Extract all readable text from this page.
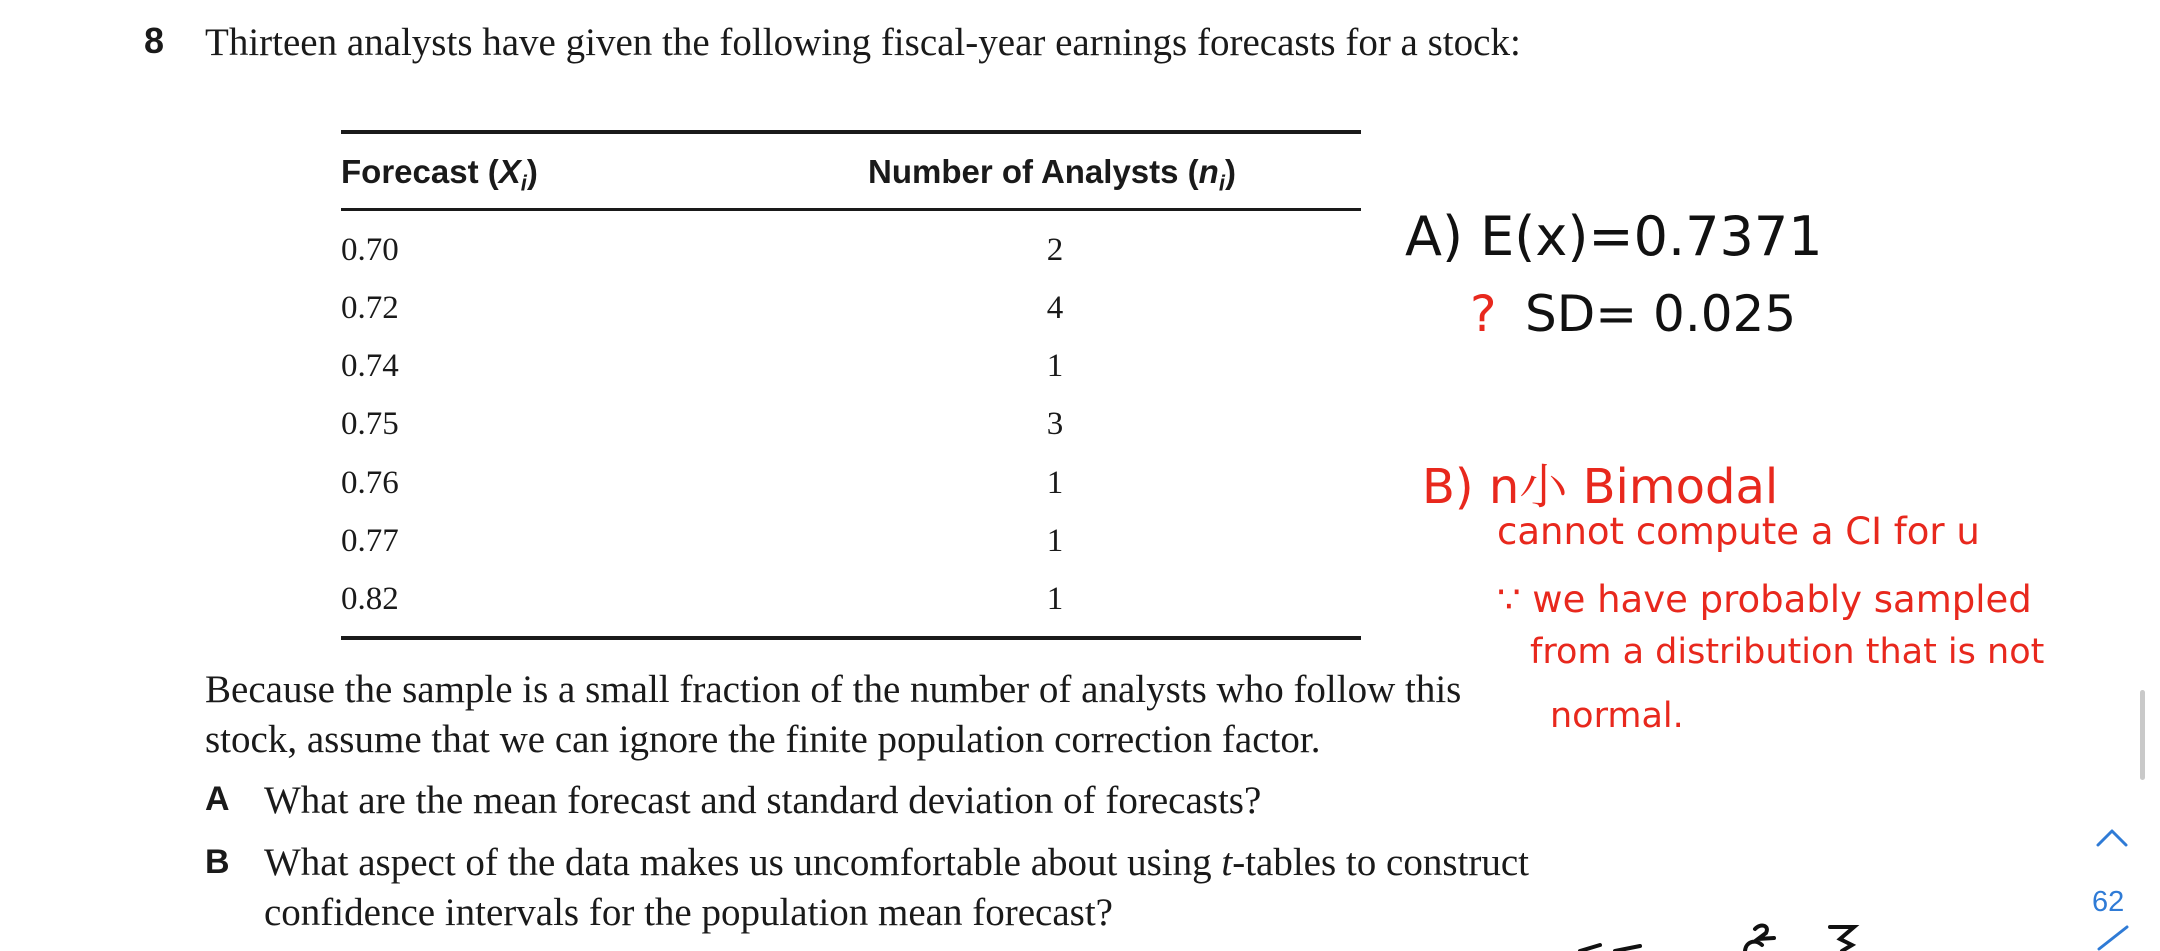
8 Thirteen analysts have given the following fiscal-year earnings forecasts for a stock:
Forecast $(X_i)$	Number of Analysts $(n_i)$
0.70	2
0.72	4
0.74	1
0.75	3
0.76	1
0.77	1
0.82	1
Because the sample is a small fraction of the number of analysts who follow this stock, assume that we can ignore the finite population correction factor.
A What are the mean forecast and standard deviation of forecasts?
B What aspect of the data makes us uncomfortable about using t-tables to construct confidence intervals for the population mean forecast?
A) E(x)=0.7371
? SD= 0.025
B) n小 Bimodal
cannot compute a CI for u
∵ we have probably sampled
from a distribution that is not
normal.
62
